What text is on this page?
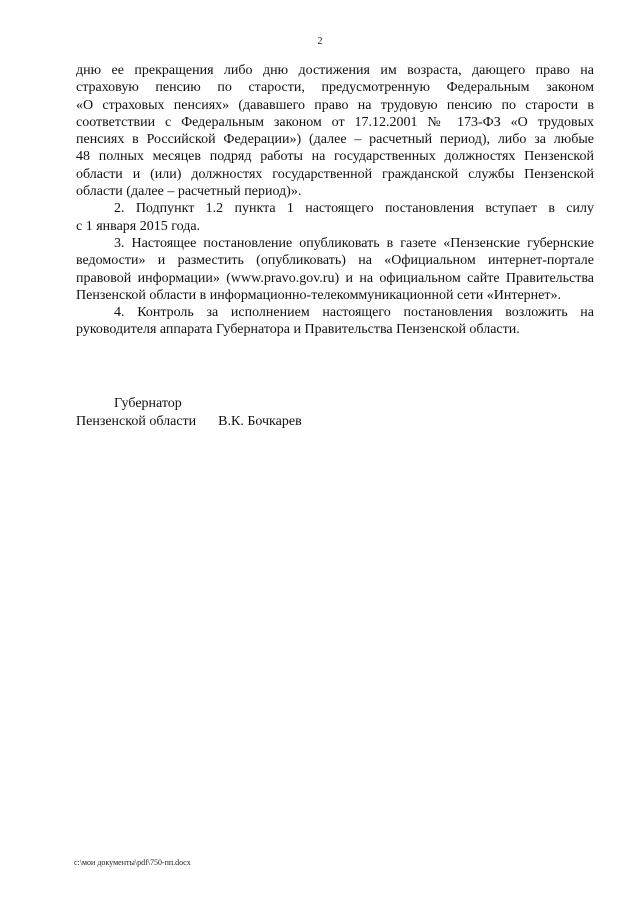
2
дню ее прекращения либо дню достижения им возраста, дающего право на
страховую пенсию по старости, предусмотренную Федеральным законом
«О страховых пенсиях» (дававшего право на трудовую пенсию по старости в
соответствии с Федеральным законом от 17.12.2001 № 173-ФЗ «О трудовых
пенсиях в Российской Федерации») (далее – расчетный период), либо за любые
48 полных месяцев подряд работы на государственных должностях Пензенской
области и (или) должностях государственной гражданской службы Пензенской
области (далее – расчетный период)».
2. Подпункт 1.2 пункта 1 настоящего постановления вступает в силу
с 1 января 2015 года.
3. Настоящее постановление опубликовать в газете «Пензенские губернские
ведомости» и разместить (опубликовать) на «Официальном интернет-портале
правовой информации» (www.pravo.gov.ru) и на официальном сайте Правительства
Пензенской области в информационно-телекоммуникационной сети «Интернет».
4. Контроль за исполнением настоящего постановления возложить на
руководителя аппарата Губернатора и Правительства Пензенской области.
Губернатор
Пензенской области В.К. Бочкарев
c:\мои документы\pdf\750-пп.docx
